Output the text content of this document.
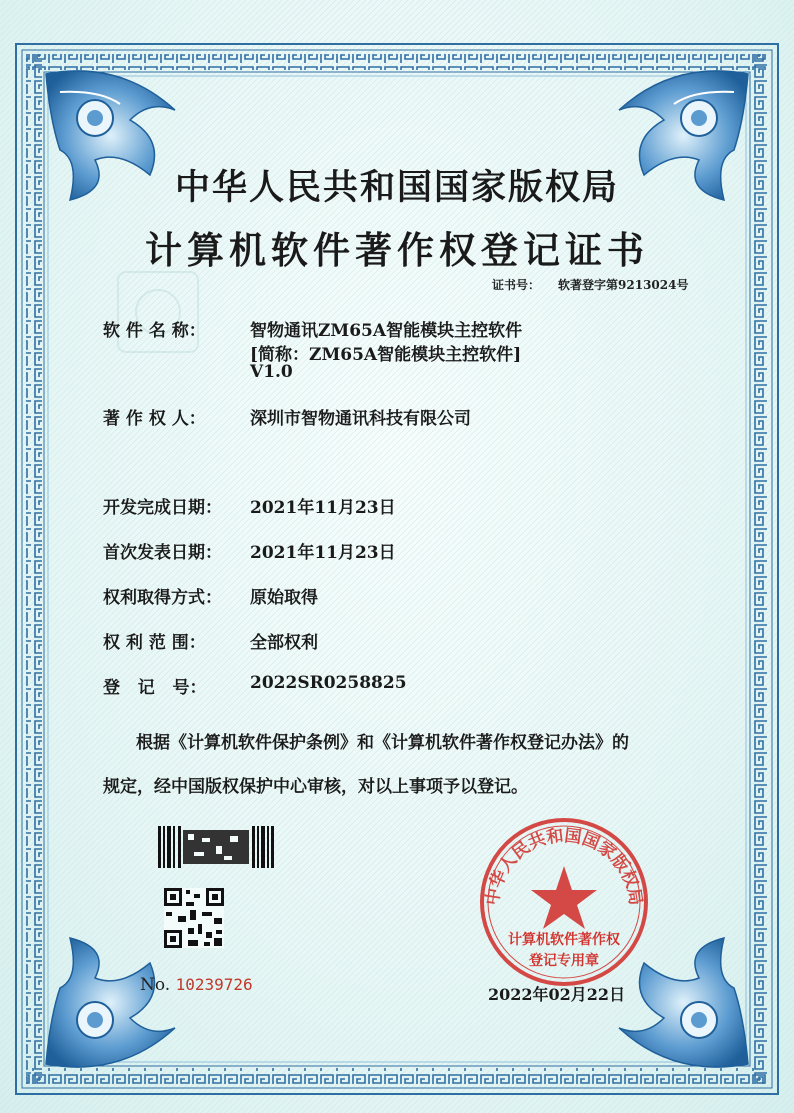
中华人民共和国国家版权局
中华人民共和国国家版权局
计算机软件著作权登记证书
证书号： 软著登字第9213024号
软 件 名 称：	智物通讯ZM65A智能模块主控软件
[简称：ZM65A智能模块主控软件]
V1.0
著 作 权 人：	深圳市智物通讯科技有限公司
开发完成日期： 2021年11月23日
首次发表日期： 2021年11月23日
权利取得方式： 原始取得
权 利 范 围：	全部权利
登   记   号：	2022SR0258825
根据《计算机软件保护条例》和《计算机软件著作权登记办法》的
规定，经中国版权保护中心审核，对以上事项予以登记。
No. 10239726
计算机软件著作权
登记专用章
2022年02月22日
